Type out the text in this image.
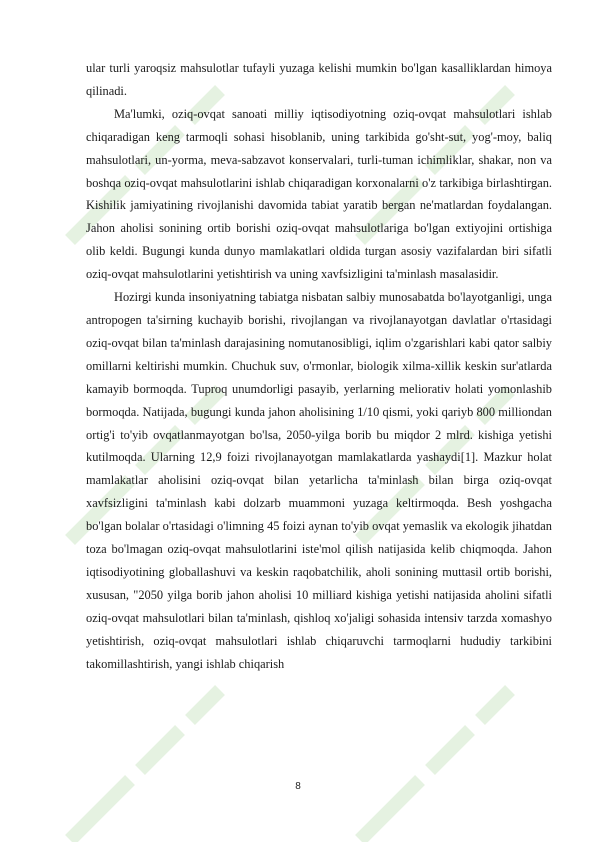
ular turli yaroqsiz mahsulotlar tufayli yuzaga kelishi mumkin bo'lgan kasalliklardan himoya qilinadi.

Ma'lumki, oziq-ovqat sanoati milliy iqtisodiyotning oziq-ovqat mahsulotlari ishlab chiqaradigan keng tarmoqli sohasi hisoblanib, uning tarkibida go'sht-sut, yog'-moy, baliq mahsulotlari, un-yorma, meva-sabzavot konservalari, turli-tuman ichimliklar, shakar, non va boshqa oziq-ovqat mahsulotlarini ishlab chiqaradigan korxonalarni o'z tarkibiga birlashtirgan. Kishilik jamiyatining rivojlanishi davomida tabiat yaratib bergan ne'matlardan foydalangan. Jahon aholisi sonining ortib borishi oziq-ovqat mahsulotlariga bo'lgan extiyojini ortishiga olib keldi. Bugungi kunda dunyo mamlakatlari oldida turgan asosiy vazifalardan biri sifatli oziq-ovqat mahsulotlarini yetishtirish va uning xavfsizligini ta'minlash masalasidir.

Hozirgi kunda insoniyatning tabiatga nisbatan salbiy munosabatda bo'layotganligi, unga antropogen ta'sirning kuchayib borishi, rivojlangan va rivojlanayotgan davlatlar o'rtasidagi oziq-ovqat bilan ta'minlash darajasining nomutanosibligi, iqlim o'zgarishlari kabi qator salbiy omillarni keltirishi mumkin. Chuchuk suv, o'rmonlar, biologik xilma-xillik keskin sur'atlarda kamayib bormoqda. Tuproq unumdorligi pasayib, yerlarning meliorativ holati yomonlashib bormoqda. Natijada, bugungi kunda jahon aholisining 1/10 qismi, yoki qariyb 800 milliondan ortig'i to'yib ovqatlanmayotgan bo'lsa, 2050-yilga borib bu miqdor 2 mlrd. kishiga yetishi kutilmoqda. Ularning 12,9 foizi rivojlanayotgan mamlakatlarda yashaydi[1]. Mazkur holat mamlakatlar aholisini oziq-ovqat bilan yetarlicha ta'minlash bilan birga oziq-ovqat xavfsizligini ta'minlash kabi dolzarb muammoni yuzaga keltirmoqda. Besh yoshgacha bo'lgan bolalar o'rtasidagi o'limning 45 foizi aynan to'yib ovqat yemaslik va ekologik jihatdan toza bo'lmagan oziq-ovqat mahsulotlarini iste'mol qilish natijasida kelib chiqmoqda. Jahon iqtisodiyotining globallashuvi va keskin raqobatchilik, aholi sonining muttasil ortib borishi, xususan, "2050 yilga borib jahon aholisi 10 milliard kishiga yetishi natijasida aholini sifatli oziq-ovqat mahsulotlari bilan ta'minlash, qishloq xo'jaligi sohasida intensiv tarzda xomashyo yetishtirish, oziq-ovqat mahsulotlari ishlab chiqaruvchi tarmoqlarni hududiy tarkibini takomillashtirish, yangi ishlab chiqarish

8
